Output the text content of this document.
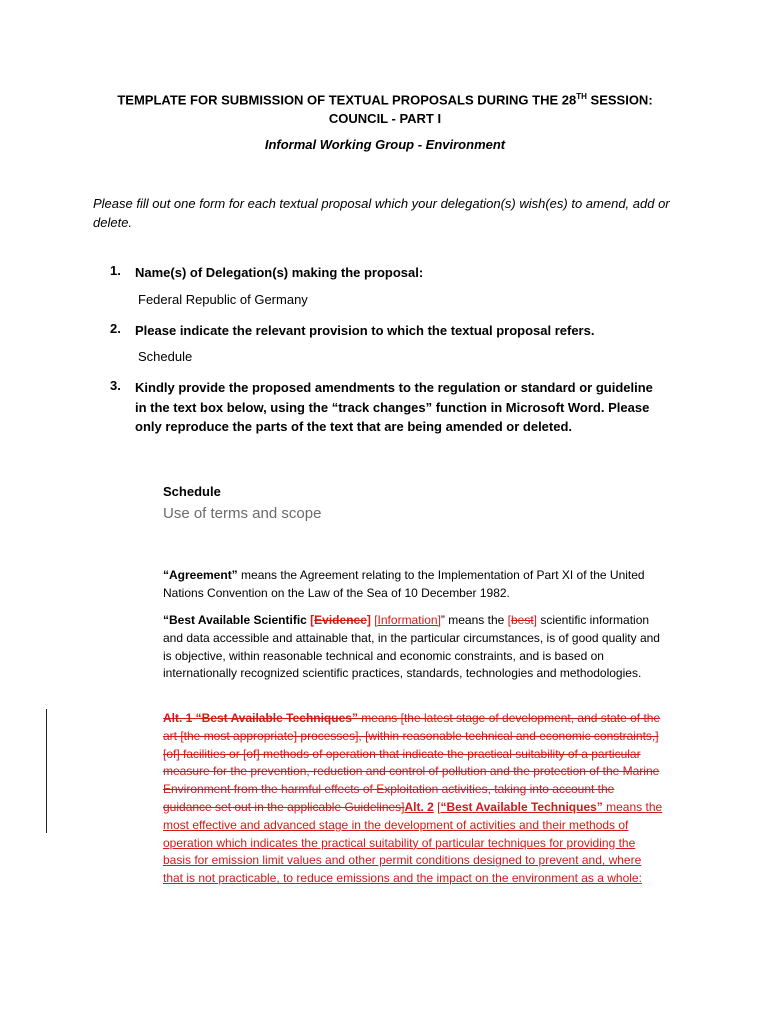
TEMPLATE FOR SUBMISSION OF TEXTUAL PROPOSALS DURING THE 28TH SESSION:
COUNCIL - PART I
Informal Working Group - Environment
Please fill out one form for each textual proposal which your delegation(s) wish(es) to amend, add or delete.
1. Name(s) of Delegation(s) making the proposal:
Federal Republic of Germany
2. Please indicate the relevant provision to which the textual proposal refers.
Schedule
3. Kindly provide the proposed amendments to the regulation or standard or guideline in the text box below, using the “track changes” function in Microsoft Word. Please only reproduce the parts of the text that are being amended or deleted.
Schedule
Use of terms and scope
“Agreement” means the Agreement relating to the Implementation of Part XI of the United Nations Convention on the Law of the Sea of 10 December 1982.
“Best Available Scientific [Evidence] [Information]” means the [best] scientific information and data accessible and attainable that, in the particular circumstances, is of good quality and is objective, within reasonable technical and economic constraints, and is based on internationally recognized scientific practices, standards, technologies and methodologies.
Alt. 1 “Best Available Techniques” means [the latest stage of development, and state of the art [the most appropriate] processes], [within reasonable technical and economic constraints,] [of] facilities or [of] methods of operation that indicate the practical suitability of a particular measure for the prevention, reduction and control of pollution and the protection of the Marine Environment from the harmful effects of Exploitation activities, taking into account the guidance set out in the applicable Guidelines]Alt. 2 [“Best Available Techniques” means the most effective and advanced stage in the development of activities and their methods of operation which indicates the practical suitability of particular techniques for providing the basis for emission limit values and other permit conditions designed to prevent and, where that is not practicable, to reduce emissions and the impact on the environment as a whole:
